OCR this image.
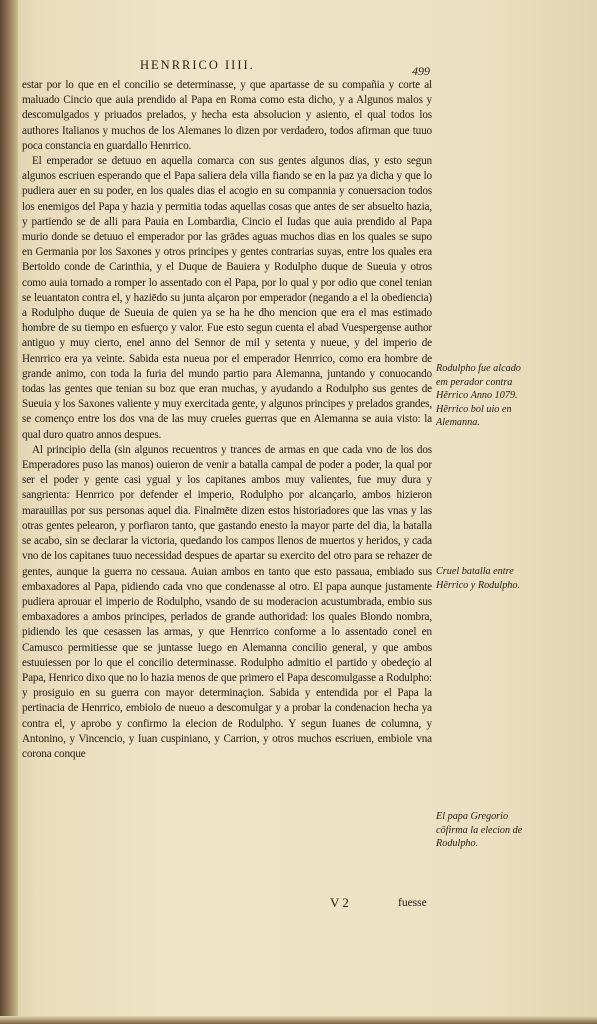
HENRRICO IIII.	499

estar por lo que en el concilio se determinasse, y que apartasse de su compañia y corte al maluado Cincio que auia prendido al Papa en Roma como esta dicho, y a Algunos malos y descomulgados y priuados prelados, y hecha esta absolucion y asiento, el qual todos los authores Italianos y muchos de los Alemanes lo dizen por verdadero, todos afirman que tuuo poca constancia en guardallo Henrrico.

El emperador se detuuo en aquella comarca con sus gentes algunos dias, y esto segun algunos escriuen esperando que el Papa saliera dela villa fiando se en la paz ya dicha y que lo pudiera auer en su poder, en los quales dias el acogio en su compannia y conuersacion todos los enemigos del Papa y hazia y permitia todas aquellas cosas que antes de ser absuelto hazia, y partiendo se de alli para Pauia en Lombardia, Cincio el Iudas que auia prendido al Papa murio donde se detuuo el emperador por las grādes aguas muchos dias en los quales se supo en Germania por los Saxones y otros principes y gentes contrarias suyas, entre los quales era Bertoldo conde de Carinthia, y el Duque de Bauiera y Rodulpho duque de Sueuia y otros como auia tornado a romper lo assentado con el Papa, por lo qual y por odio que conel tenian se leuantaton contra el, y haziēdo su junta alçaron por emperador (negando a el la obediencia) a Rodulpho duque de Sueuia de quien ya se ha he dho mencion que era el mas estimado hombre de su tiempo en esfuerço y valor. Fue esto segun cuenta el abad Vuespergense author antiguo y muy cierto, enel anno del Sennor de mil y setenta y nueue, y del imperio de Henrrico era ya veinte. Sabida esta nueua por el emperador Henrrico, como era hombre de grande animo, con toda la furia del mundo partio para Alemanna, juntando y conuocando todas las gentes que tenian su boz que eran muchas, y ayudando a Rodulpho sus gentes de Sueuia y los Saxones valiente y muy exercitada gente, y algunos principes y prelados grandes, se començo entre los dos vna de las muy crueles guerras que en Alemanna se auia visto: la qual duro quatro annos despues.

Al principio della (sin algunos recuentros y trances de armas en que cada vno de los dos Emperadores puso las manos) ouieron de venir a batalla campal de poder a poder, la qual por ser el poder y gente casi ygual y los capitanes ambos muy valientes, fue muy dura y sangrienta: Henrrico por defender el imperio, Rodulpho por alcançarlo, ambos hizieron marauillas por sus personas aquel dia. Finalmēte dizen estos historiadores que las vnas y las otras gentes pelearon, y porfiaron tanto, que gastando enesto la mayor parte del dia, la batalla se acabo, sin se declarar la victoria, quedando los campos llenos de muertos y heridos, y cada vno de los capitanes tuuo necessidad despues de apartar su exercito del otro para se rehazer de gentes, aunque la guerra no cessaua. Auian ambos en tanto que esto passaua, embiado sus embaxadores al Papa, pidiendo cada vno que condenasse al otro. El papa aunque justamente pudiera aprouar el imperio de Rodulpho, vsando de su moderacion acustumbrada, embio sus embaxadores a ambos principes, perlados de grande authoridad: los quales Blondo nombra, pidiendo les que cesassen las armas, y que Henrrico conforme a lo assentado conel en Camusco permitiesse que se juntasse luego en Alemanna concilio general, y que ambos estuuiessen por lo que el concilio determinasse. Rodulpho admitio el partido y obedeçio al Papa, Henrico dixo que no lo hazia menos de que primero el Papa descomulgasse a Rodulpho: y prosiguio en su guerra con mayor determinaçion. Sabida y entendida por el Papa la pertinacia de Henrrico, embiolo de nueuo a descomulgar y a probar la condenacion hecha ya contra el, y aprobo y confirmo la elecion de Rodulpho. Y segun Iuanes de columna, y Antonino, y Vincencio, y Iuan cuspiniano, y Carrion, y otros muchos escriuen, embiole vna corona conque

Rodulpho fue alcado em perador contra Hērrico Anno 1079. Hērrico bol uio en Alemanna.
Cruel batalla entre Hērrico y Rodulpho.
El papa Gregorio cōfirma la elecion de Rodulpho.
V 2	fuesse
